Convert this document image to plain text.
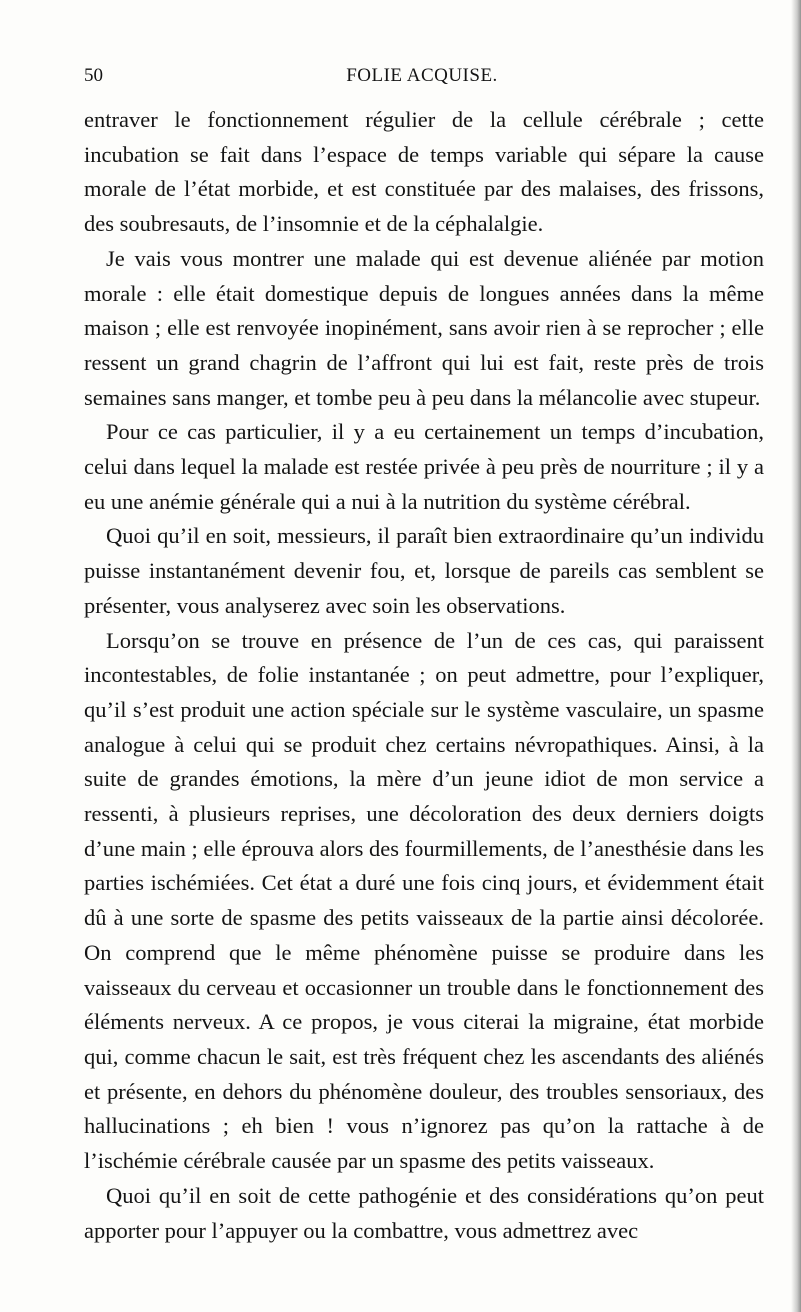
50	FOLIE ACQUISE.

entraver le fonctionnement régulier de la cellule cérébrale ; cette incubation se fait dans l’espace de temps variable qui sépare la cause morale de l’état morbide, et est constituée par des malaises, des frissons, des soubresauts, de l’insomnie et de la céphalalgie.

Je vais vous montrer une malade qui est devenue aliénée par motion morale : elle était domestique depuis de longues années dans la même maison ; elle est renvoyée inopinément, sans avoir rien à se reprocher ; elle ressent un grand chagrin de l’affront qui lui est fait, reste près de trois semaines sans manger, et tombe peu à peu dans la mélancolie avec stupeur.

Pour ce cas particulier, il y a eu certainement un temps d’incubation, celui dans lequel la malade est restée privée à peu près de nourriture ; il y a eu une anémie générale qui a nui à la nutrition du système cérébral.

Quoi qu’il en soit, messieurs, il paraît bien extraordinaire qu’un individu puisse instantanément devenir fou, et, lorsque de pareils cas semblent se présenter, vous analyserez avec soin les observations.

Lorsqu’on se trouve en présence de l’un de ces cas, qui paraissent incontestables, de folie instantanée ; on peut admettre, pour l’expliquer, qu’il s’est produit une action spéciale sur le système vasculaire, un spasme analogue à celui qui se produit chez certains névropathiques. Ainsi, à la suite de grandes émotions, la mère d’un jeune idiot de mon service a ressenti, à plusieurs reprises, une décoloration des deux derniers doigts d’une main ; elle éprouva alors des fourmillements, de l’anesthésie dans les parties ischémiées. Cet état a duré une fois cinq jours, et évidemment était dû à une sorte de spasme des petits vaisseaux de la partie ainsi décolorée. On comprend que le même phénomène puisse se produire dans les vaisseaux du cerveau et occasionner un trouble dans le fonctionnement des éléments nerveux. A ce propos, je vous citerai la migraine, état morbide qui, comme chacun le sait, est très fréquent chez les ascendants des aliénés et présente, en dehors du phénomène douleur, des troubles sensoriaux, des hallucinations ; eh bien ! vous n’ignorez pas qu’on la rattache à de l’ischémie cérébrale causée par un spasme des petits vaisseaux.

Quoi qu’il en soit de cette pathogénie et des considérations qu’on peut apporter pour l’appuyer ou la combattre, vous admettrez avec
